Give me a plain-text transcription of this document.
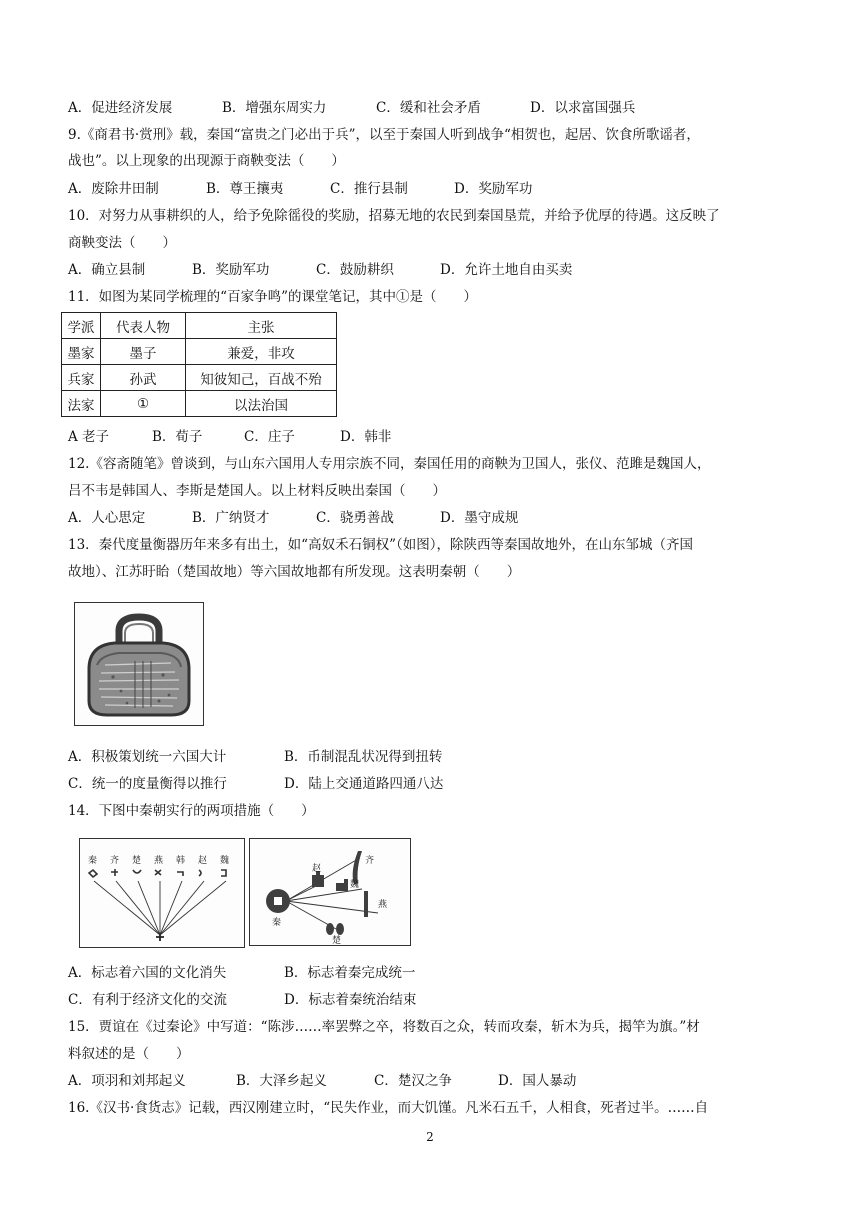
A．促进经济发展	B．增强东周实力	C．缓和社会矛盾	D．以求富国强兵
9.《商君书·赏刑》载，秦国“富贵之门必出于兵”，以至于秦国人听到战争“相贺也，起居、饮食所歌谣者，
战也”。以上现象的出现源于商鞅变法（　　）
A．废除井田制	B．尊王攘夷	C．推行县制	D．奖励军功
10．对努力从事耕织的人，给予免除徭役的奖励，招募无地的农民到秦国垦荒，并给予优厚的待遇。这反映了
商鞅变法（　　）
A．确立县制	B．奖励军功	C．鼓励耕织	D．允许土地自由买卖
11．如图为某同学梳理的“百家争鸣”的课堂笔记，其中①是（　　）
学派	代表人物	主张
墨家	墨子	兼爱，非攻
兵家	孙武	知彼知己，百战不殆
法家	①	以法治国
A 老子	B．荀子	C．庄子	D．韩非
12.《容斋随笔》曾谈到，与山东六国用人专用宗族不同，秦国任用的商鞅为卫国人，张仪、范雎是魏国人，
吕不韦是韩国人、李斯是楚国人。以上材料反映出秦国（　　）
A．人心思定	B．广纳贤才	C．骁勇善战	D．墨守成规
13．秦代度量衡器历年来多有出土，如“高奴禾石铜权”（如图），除陕西等秦国故地外，在山东邹城（齐国
故地）、江苏盱眙（楚国故地）等六国故地都有所发现。这表明秦朝（　　）
A．积极策划统一六国大计	B．币制混乱状况得到扭转
C．统一的度量衡得以推行	D．陆上交通道路四通八达
14．下图中秦朝实行的两项措施（　　）
秦 齐 楚 燕 韩 赵 魏
秦
齐
赵
魏
燕
楚
A．标志着六国的文化消失	B．标志着秦完成统一
C．有利于经济文化的交流	D．标志着秦统治结束
15．贾谊在《过秦论》中写道：“陈涉……率罢弊之卒，将数百之众，转而攻秦，斩木为兵，揭竿为旗。”材
料叙述的是（　　）
A．项羽和刘邦起义	B．大泽乡起义	C．楚汉之争	D．国人暴动
16.《汉书·食货志》记载，西汉刚建立时，“民失作业，而大饥馑。凡米石五千，人相食，死者过半。……自
2
